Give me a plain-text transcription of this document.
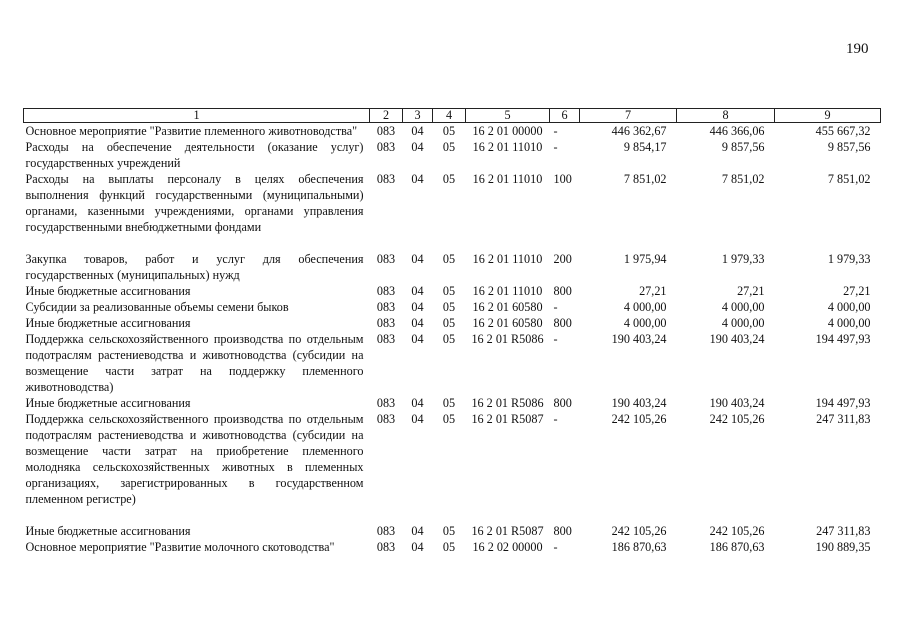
190
1	2	3	4	5	6	7	8	9
Основное мероприятие "Развитие племенного животноводства"	083	04	05	16 2 01 00000	-	446 362,67	446 366,06	455 667,32
Расходы на обеспечение деятельности (оказание услуг) государственных учреждений	083	04	05	16 2 01 11010	-	9 854,17	9 857,56	9 857,56
Расходы на выплаты персоналу в целях обеспечения выполнения функций государственными (муниципальными) органами, казенными учреждениями, органами управления государственными внебюджетными фондами	083	04	05	16 2 01 11010	100	7 851,02	7 851,02	7 851,02
Закупка товаров, работ и услуг для обеспечения государственных (муниципальных) нужд	083	04	05	16 2 01 11010	200	1 975,94	1 979,33	1 979,33
Иные бюджетные ассигнования	083	04	05	16 2 01 11010	800	27,21	27,21	27,21
Субсидии за реализованные объемы семени быков	083	04	05	16 2 01 60580	-	4 000,00	4 000,00	4 000,00
Иные бюджетные ассигнования	083	04	05	16 2 01 60580	800	4 000,00	4 000,00	4 000,00
Поддержка сельскохозяйственного производства по отдельным подотраслям растениеводства и животноводства (субсидии на возмещение части затрат на поддержку племенного животноводства)	083	04	05	16 2 01 R5086	-	190 403,24	190 403,24	194 497,93
Иные бюджетные ассигнования	083	04	05	16 2 01 R5086	800	190 403,24	190 403,24	194 497,93
Поддержка сельскохозяйственного производства по отдельным подотраслям растениеводства и животноводства (субсидии на возмещение части затрат на приобретение племенного молодняка сельскохозяйственных животных в племенных организациях, зарегистрированных в государственном племенном регистре)	083	04	05	16 2 01 R5087	-	242 105,26	242 105,26	247 311,83
Иные бюджетные ассигнования	083	04	05	16 2 01 R5087	800	242 105,26	242 105,26	247 311,83
Основное мероприятие "Развитие молочного скотоводства"	083	04	05	16 2 02 00000	-	186 870,63	186 870,63	190 889,35
